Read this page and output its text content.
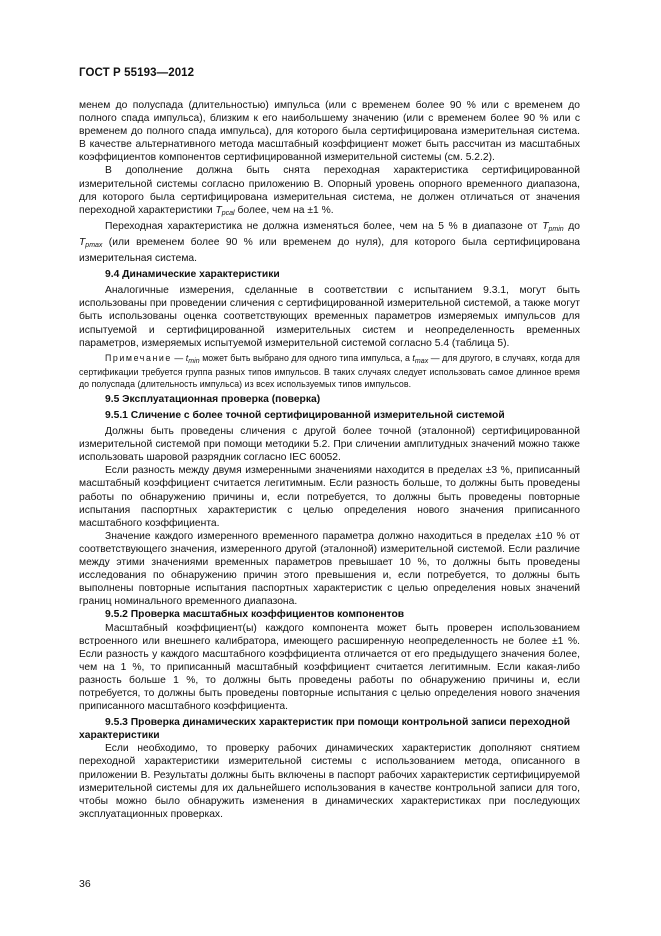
ГОСТ Р 55193—2012

менем до полуспада (длительностью) импульса (или с временем более 90 % или с временем до полного спада импульса), близким к его наибольшему значению (или с временем более 90 % или с временем до полного спада импульса), для которого была сертифицирована измерительная система. В качестве альтернативного метода масштабный коэффициент может быть рассчитан из масштабных коэффициентов компонентов сертифицированной измерительной системы (см. 5.2.2).

В дополнение должна быть снята переходная характеристика сертифицированной измерительной системы согласно приложению В. Опорный уровень опорного временного диапазона, для которого была сертифицирована измерительная система, не должен отличаться от значения переходной характеристики $T_{pcal}$ более, чем на ±1 %.

Переходная характеристика не должна изменяться более, чем на 5 % в диапазоне от $T_{pmin}$ до $T_{pmax}$ (или временем более 90 % или временем до нуля), для которого была сертифицирована измерительная система.

9.4 Динамические характеристики

Аналогичные измерения, сделанные в соответствии с испытанием 9.3.1, могут быть использованы при проведении сличения с сертифицированной измерительной системой, а также могут быть использованы оценка соответствующих временных параметров измеряемых импульсов для испытуемой и сертифицированной измерительных систем и неопределенность временных параметров, измеряемых испытуемой измерительной системой согласно 5.4 (таблица 5).

Примечание — $t_{min}$ может быть выбрано для одного типа импульса, а $t_{max}$ — для другого, в случаях, когда для сертификации требуется группа разных типов импульсов. В таких случаях следует использовать самое длинное время до полуспада (длительность импульса) из всех используемых типов импульсов.

9.5 Эксплуатационная проверка (поверка)

9.5.1 Сличение с более точной сертифицированной измерительной системой

Должны быть проведены сличения с другой более точной (эталонной) сертифицированной измерительной системой при помощи методики 5.2. При сличении амплитудных значений можно также использовать шаровой разрядник согласно IEC 60052.

Если разность между двумя измеренными значениями находится в пределах ±3 %, приписанный масштабный коэффициент считается легитимным. Если разность больше, то должны быть проведены работы по обнаружению причины и, если потребуется, то должны быть проведены повторные испытания паспортных характеристик с целью определения нового значения приписанного масштабного коэффициента.

Значение каждого измеренного временного параметра должно находиться в пределах ±10 % от соответствующего значения, измеренного другой (эталонной) измерительной системой. Если различие между этими значениями временных параметров превышает 10 %, то должны быть проведены исследования по обнаружению причин этого превышения и, если потребуется, то должны быть выполнены повторные испытания паспортных характеристик с целью определения новых значений границ номинального временного диапазона.

9.5.2 Проверка масштабных коэффициентов компонентов

Масштабный коэффициент(ы) каждого компонента может быть проверен использованием встроенного или внешнего калибратора, имеющего расширенную неопределенность не более ±1 %. Если разность у каждого масштабного коэффициента отличается от его предыдущего значения более, чем на 1 %, то приписанный масштабный коэффициент считается легитимным. Если какая-либо разность больше 1 %, то должны быть проведены работы по обнаружению причины и, если потребуется, то должны быть проведены повторные испытания с целью определения нового значения приписанного масштабного коэффициента.

9.5.3 Проверка динамических характеристик при помощи контрольной записи переходной характеристики

Если необходимо, то проверку рабочих динамических характеристик дополняют снятием переходной характеристики измерительной системы с использованием метода, описанного в приложении В. Результаты должны быть включены в паспорт рабочих характеристик сертифицируемой измерительной системы для их дальнейшего использования в качестве контрольной записи для того, чтобы можно было обнаружить изменения в динамических характеристиках при последующих эксплуатационных проверках.

36
